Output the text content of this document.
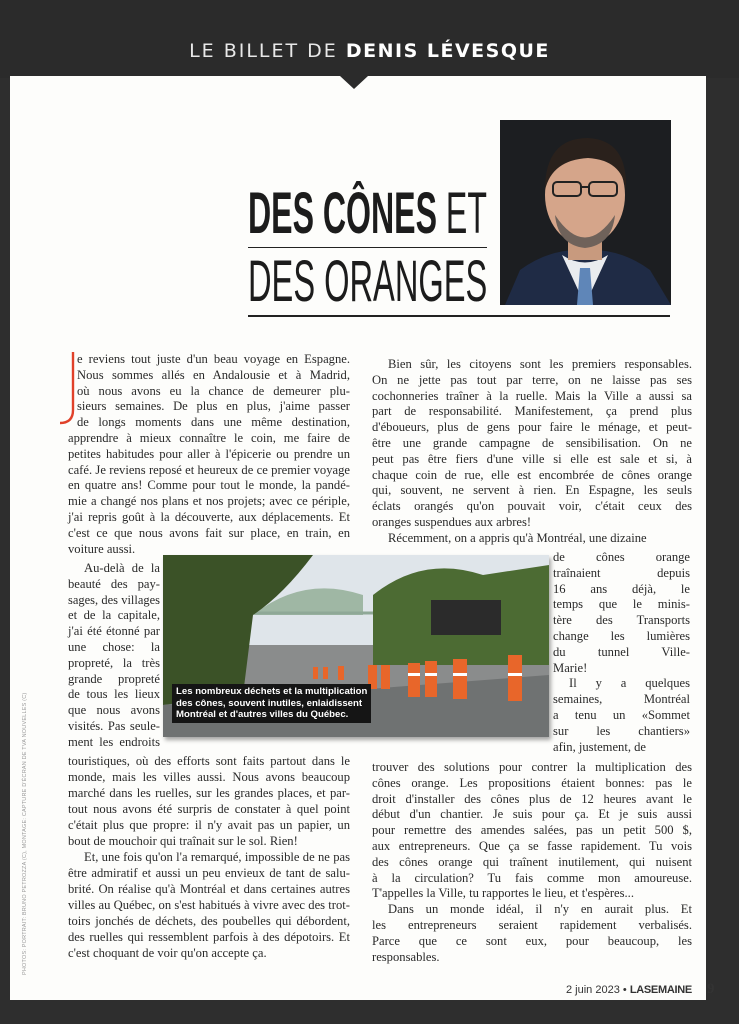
LE BILLET DE DENIS LÉVESQUE
DES CÔNES ET
DES ORANGES
e reviens tout juste d'un beau voyage en Espagne.
Nous sommes allés en Andalousie et à Madrid,
où nous avons eu la chance de demeurer plu-
sieurs semaines. De plus en plus, j'aime passer
de longs moments dans une même destination,
apprendre à mieux connaître le coin, me faire de
petites habitudes pour aller à l'épicerie ou prendre un
café. Je reviens reposé et heureux de ce premier voyage
en quatre ans! Comme pour tout le monde, la pandé-
mie a changé nos plans et nos projets; avec ce périple,
j'ai repris goût à la découverte, aux déplacements. Et
c'est ce que nous avons fait sur place, en train, en
voiture aussi.
Au-delà de la
beauté des pay-
sages, des villages
et de la capitale,
j'ai été étonné par
une chose: la
propreté, la très
grande propreté
de tous les lieux
que nous avons
visités. Pas seule-
ment les endroits
touristiques, où des efforts sont faits partout dans le
monde, mais les villes aussi. Nous avons beaucoup
marché dans les ruelles, sur les grandes places, et par-
tout nous avons été surpris de constater à quel point
c'était plus que propre: il n'y avait pas un papier, un
bout de mouchoir qui traînait sur le sol. Rien!
Et, une fois qu'on l'a remarqué, impossible de ne pas
être admiratif et aussi un peu envieux de tant de salu-
brité. On réalise qu'à Montréal et dans certaines autres
villes au Québec, on s'est habitués à vivre avec des trot-
toirs jonchés de déchets, des poubelles qui débordent,
des ruelles qui ressemblent parfois à des dépotoirs. Et
c'est choquant de voir qu'on accepte ça.
Bien sûr, les citoyens sont les premiers responsables.
On ne jette pas tout par terre, on ne laisse pas ses
cochonneries traîner à la ruelle. Mais la Ville a aussi sa
part de responsabilité. Manifestement, ça prend plus
d'éboueurs, plus de gens pour faire le ménage, et peut-
être une grande campagne de sensibilisation. On ne
peut pas être fiers d'une ville si elle est sale et si, à
chaque coin de rue, elle est encombrée de cônes orange
qui, souvent, ne servent à rien. En Espagne, les seuls
éclats orangés qu'on pouvait voir, c'était ceux des
oranges suspendues aux arbres!
Récemment, on a appris qu'à Montréal, une dizaine
de cônes orange
traînaient depuis
16 ans déjà, le
temps que le minis-
tère des Transports
change les lumières
du tunnel Ville-
Marie!
Il y a quelques
semaines, Montréal
a tenu un «Sommet
sur les chantiers»
afin, justement, de
trouver des solutions pour contrer la multiplication des
cônes orange. Les propositions étaient bonnes: pas le
droit d'installer des cônes plus de 12 heures avant le
début d'un chantier. Je suis pour ça. Et je suis aussi
pour remettre des amendes salées, pas un petit 500 $,
aux entrepreneurs. Que ça se fasse rapidement. Tu vois
des cônes orange qui traînent inutilement, qui nuisent
à la circulation? Tu fais comme mon amoureuse.
T'appelles la Ville, tu rapportes le lieu, et t'espères...
Dans un monde idéal, il n'y en aurait plus. Et
les entrepreneurs seraient rapidement verbalisés.
Parce que ce sont eux, pour beaucoup, les
responsables.
Les nombreux déchets et la multiplication
des cônes, souvent inutiles, enlaidissent
Montréal et d'autres villes du Québec.
PHOTOS: PORTRAIT: BRUNO PETROZZA (C), MONTAGE: CAPTURE D'ÉCRAN DE TVA NOUVELLES (C)
2 juin 2023 • LASEMAINE 9
